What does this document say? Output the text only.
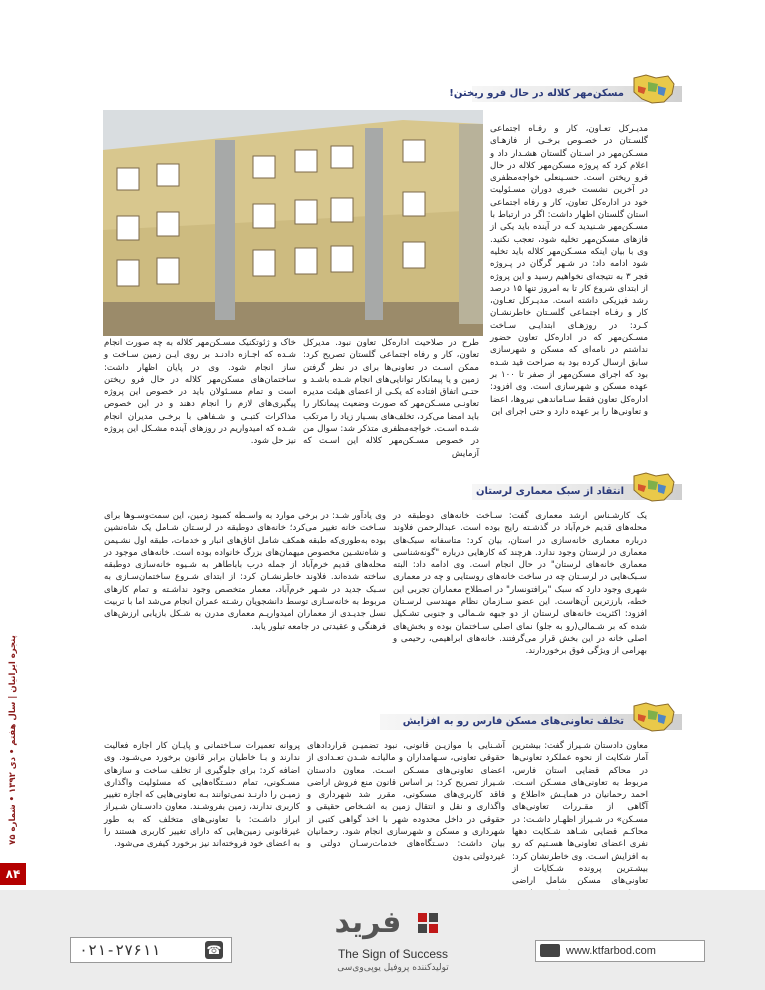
مسکن‌مهر کلاله در حال فرو ریختن!

مدیـرکل تعـاون، کار و رفـاه اجتماعی گلسـتان در خصـوص برخـی از فازهـای مسـکن‌مهر در اسـتان گلستان هشـدار داد و اعلام کرد که پروژه مسکن‌مهر کلاله در حال فرو ریختن است. حسـینعلی خواجه‌مظفری در آخرین نشست خبری دوران مسـئولیت خود در اداره‌کل تعاون، کار و رفاه اجتماعی استان گلستان اظهار داشت: اگر در ارتباط با مسـکن‌مهر شـنیدید کـه در آینده باید یکی از فازهای مسکن‌مهر تخلیه شود، تعجب نکنید. وی با بیان اینکه مسـکن‌مهر کلاله باید تخلیه شود ادامه داد: در شـهر گرگان در پـروژه فجر ۳ به نتیجه‌ای نخواهیم رسید و این پروژه از ابتدای شروع کار تا به امروز تنها ۱۵ درصد رشد فیزیکی داشته است. مدیـرکل تعـاون، کار و رفـاه اجتماعی گلسـتان خاطرنشـان کـرد: در روزهـای ابتدایـی سـاخت مسـکن‌مهر که در اداره‌کل تعاون حضور نداشتم در نامه‌ای که مسکن و شهرسازی سابق ارسال کرده بود به صراحت قید شـده بود که اجرای مسکن‌مهر از صفر تا ۱۰۰ بر عهده مسکن و شهرسازی است. وی افزود: اداره‌کل تعاون فقط سـاماندهی نیروها، اعضا و تعاونی‌ها را بر عهده دارد و حتی اجرای این

طرح در صلاحیت اداره‌کل تعاون نبود. مدیرکل تعاون، کار و رفاه اجتماعی گلستان تصریح کرد: ممکن اسـت در تعاونی‌ها برای در نظر گرفتن زمین و یا پیمانکار توانایی‌های انجام شـده باشـد و حتـی اتفاق افتاده که یکـی از اعضای هیئت مدیره تعاونـی مسـکن‌مهر که صورت وضعیت پیمانکار را باید امضا می‌کرد، تخلف‌های بسـیار زیاد را مرتکب شـده اسـت. خواجه‌مظفری متذکر شد: سوال من در خصوص مسـکن‌مهر کلاله این اسـت که آزمایش

خاک و ژئوتکنیک مسـکن‌مهر کلاله به چه صورت انجام شـده که اجـازه دادنـد بر روی ایـن زمین سـاخت و ساز انجام شود. وی در پایان اظهار داشت: ساختمان‌های مسکن‌مهر کلاله در حال فرو ریختن است و تمام مسـئولان باید در خصوص این پروژه پیگیری‌های لازم را انجام دهند و در این خصوص مذاکرات کتبـی و شـفاهی با برخـی مدیران انجام شـده که امیدواریم در روزهای آینده مشـکل این پروژه نیز حل شود.

انتقاد از سبک معماری لرستان

یک کارشـناس ارشد معماری گفت: سـاخت خانه‌های دوطبقه در محله‌های قدیم خرم‌آباد در گذشـته رایج بوده است. عبدالرحمن فلاوند درباره معماری خانه‌سازی در استان، بیان کرد: متاسفانه سبک‌های معماری در لرستان وجود ندارد. هرچند که کارهایی درباره "گونه‌شناسی معماری خانه‌های لرستان" در حال انجام است. وی ادامه داد: البته سـبک‌هایی در لرسـتان چه در ساخت خانه‌های روستایی و چه در معماری شهری وجود دارد که سبک "برافتونسار" در اصطلاح معماران تجربی این خطه، بارزترین آن‌هاست. این عضو سـازمان نظام مهندسی لرسـتان افزود: اکثریت خانه‌های لرستان از دو جبهه شـمالی و جنوبی تشـکیل شده که بر شـمالی(رو به جلو) نمای اصلی سـاختمان بوده و بخش‌های اصلی خانه در این بخش قرار می‌گرفتند. خانه‌های ابراهیمی، رحیمی و بهرامی از ویژگی فوق برخوردارند.

وی یادآور شـد: در برخی موارد به واسـطه کمبود زمین، این سمت‌وسـوها برای سـاخت خانه تغییر می‌کرد؛ خانه‌های دوطبقه در لرسـتان شـامل یک شاه‌نشین بوده به‌طوری‌که طبقه همکف شامل اتاق‌های انبار و خدمات، طبقه اول نشـیمن و شاه‌نشـین مخصوص میهمان‌های بزرگ خانواده بوده است. خانه‌های موجود در محله‌های قدیم خرم‌آباد از جمله درب باباطاهر به شـیوه خانه‌سازی دوطبقه ساخته شده‌اند. فلاوند خاطرنشـان کرد: از ابتدای شـروع ساختمان‌سـازی به سـبک جدید در شـهر خرم‌آباد، معمار متخصص وجود نداشـته و تمام کارهای مربوط به خانه‌سـازی توسط دانشجویان رشـته عمران انجام می‌شد اما با تربیت نسل جدیـدی از معماران امیدواریـم معماری مدرن به شـکل بازیابی ارزش‌های فرهنگی و عقیدتی در جامعه تبلور یابد.

تخلف تعاونی‌های مسکن فارس رو به افزایش

معاون دادستان شـیراز گفت: بیشترین آمار شکایت از نحوه عملکرد تعاونی‌ها در محاکم قضایی استان فارس، مربوط به تعاونی‌های مسـکن اسـت. احمد رحمانیان در همایـش «اطلاع و آگاهی از مقـررات تعاونی‌های مسـکن» در شـیراز اظهـار داشـت: در محاکـم قضایی شـاهد شـکایت دهها نفری اعضای تعاونی‌ها هسـتیم که رو به افزایش اسـت. وی خاطرنشان کرد: بیشـترین پرونده شـکایات از تعاونی‌های مسکن شامل اراضی

آشـنایی با موازیـن قانونی، نبود تضمیـن قراردادهای حقوقی تعاونی، سـهامداران و مالیاتـه شـدن تعـدادی از اعضای تعاونی‌های مسـکن اسـت. معاون دادستان شـیراز تصریح کرد: بر اساس قانون منع فروش اراضی فاقد کاربری‌های مسکونی، مقرر شد شهرداری و واگذاری و نقل و انتقال زمین به اشـخاص حقیقی و حقوقی در داخل محدوده شهر با اخذ گواهی کتبی از شهرداری و مسکن و شهرسازی انجام شود. رحمانیان بیان داشت: دسـتگاه‌های خدمات‌رسـان دولتی و غیردولتی بدون

پروانه تعمیرات سـاختمانی و پایـان کار اجازه فعالیت ندارند و بـا خاطیان برابر قانون برخورد می‌شـود. وی اضافه کرد: برای جلوگیری از تخلف ساخت و سازهای مسـکونی، تمام دسـتگاه‌هایی که مسئولیت واگذاری زمیـن را دارنـد نمی‌توانند بـه تعاونی‌هایی که اجازه تغییر کاربری ندارند، زمین بفروشـند. معاون دادسـتان شـیراز ابراز داشـت: با تعاونی‌های متخلف که به طور غیرقانونی زمین‌هایی که دارای تغییر کاربری هستند را به اعضای خود فروخته‌اند نیز برخورد کیفری می‌شود.

پنجره ایرانیان | سال هفتم • دی ۱۳۹۲ • شماره ۷۵
۸۴
☎
۰۲۱-۲۷۶۱۱
فرید
The Sign of Success
تولیدکننده پروفیل یوپی‌وی‌سی
www.ktfarbod.com
